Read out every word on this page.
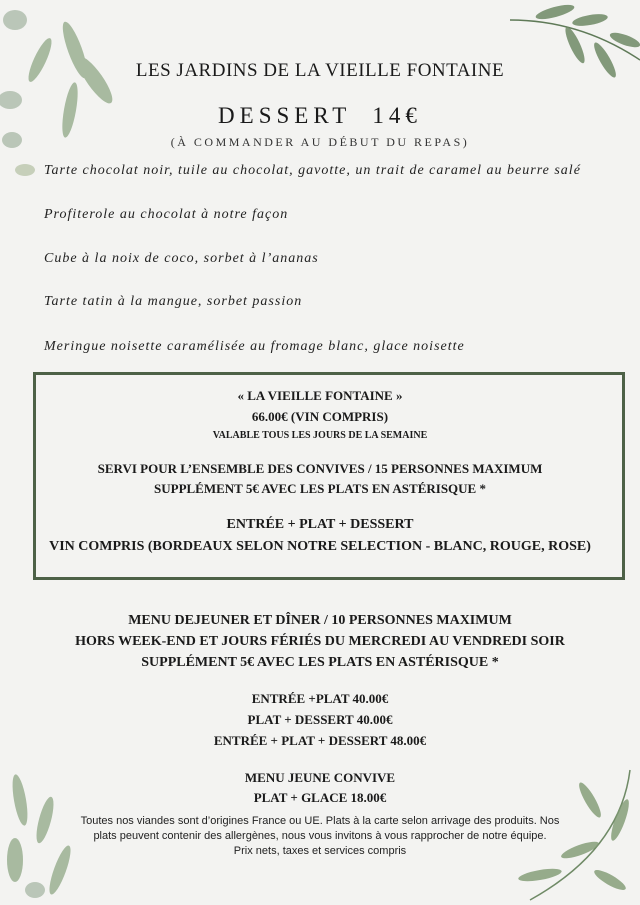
LES JARDINS DE LA VIEILLE FONTAINE
DESSERT  14€
(À COMMANDER AU DÉBUT DU REPAS)
Tarte chocolat noir, tuile au chocolat, gavotte, un trait de caramel au beurre salé
Profiterole au chocolat à notre façon
Cube à la noix de coco, sorbet à l’ananas
Tarte tatin à la mangue, sorbet passion
Meringue noisette caramélisée au fromage blanc, glace noisette
« LA VIEILLE FONTAINE »
66.00€ (VIN COMPRIS)
VALABLE TOUS LES JOURS DE LA SEMAINE
SERVI POUR L’ENSEMBLE DES CONVIVES / 15 PERSONNES MAXIMUM
SUPPLÉMENT 5€ AVEC LES PLATS EN ASTÉRISQUE *
ENTRÉE + PLAT + DESSERT
VIN COMPRIS (BORDEAUX SELON NOTRE SELECTION - BLANC, ROUGE, ROSE)
MENU DEJEUNER ET DÎNER / 10 PERSONNES MAXIMUM
HORS WEEK-END ET JOURS FÉRIÉS DU MERCREDI AU VENDREDI SOIR
SUPPLÉMENT 5€ AVEC LES PLATS EN ASTÉRISQUE *
ENTRÉE +PLAT 40.00€
PLAT + DESSERT 40.00€
ENTRÉE + PLAT + DESSERT 48.00€
MENU JEUNE CONVIVE
PLAT + GLACE 18.00€
Toutes nos viandes sont d’origines France ou UE. Plats à la carte selon arrivage des produits. Nos
plats peuvent contenir des allergènes, nous vous invitons à vous rapprocher de notre équipe.
Prix nets, taxes et services compris
